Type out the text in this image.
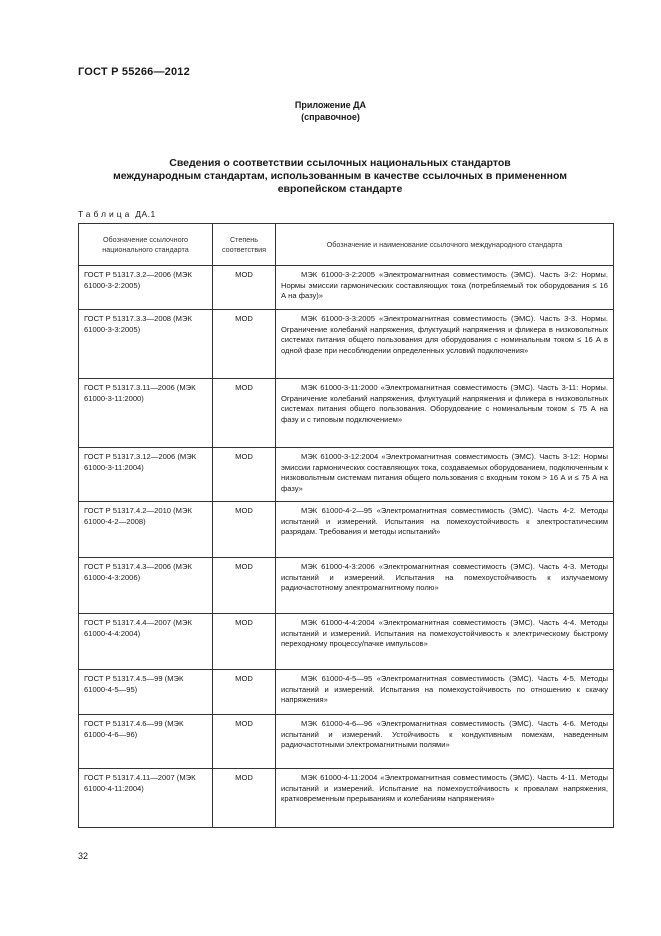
ГОСТ Р 55266—2012
Приложение ДА
(справочное)
Сведения о соответствии ссылочных национальных стандартов
международным стандартам, использованным в качестве ссылочных в примененном
европейском стандарте
Таблица ДА.1
Обозначение ссылочного национального стандарта	Степень соответствия	Обозначение и наименование ссылочного международного стандарта
ГОСТ Р 51317.3.2—2006 (МЭК 61000-3-2:2005)	MOD	МЭК 61000-3-2:2005 «Электромагнитная совместимость (ЭМС). Часть 3-2: Нормы. Нормы эмиссии гармонических составляющих тока (потребляемый ток оборудования ≤ 16 А на фазу)»
ГОСТ Р 51317.3.3—2008 (МЭК 61000-3-3:2005)	MOD	МЭК 61000-3-3:2005 «Электромагнитная совместимость (ЭМС). Часть 3-3. Нормы. Ограничение колебаний напряжения, флуктуаций напряжения и фликера в низковольтных системах питания общего пользования для оборудования с номинальным током ≤ 16 А в одной фазе при несоблюдении определенных условий подключения»
ГОСТ Р 51317.3.11—2006 (МЭК 61000-3-11:2000)	MOD	МЭК 61000-3-11:2000 «Электромагнитная совместимость (ЭМС). Часть 3-11: Нормы. Ограничение колебаний напряжения, флуктуаций напряжения и фликера в низковольтных системах питания общего пользования. Оборудование с номинальным током ≤ 75 А на фазу и с типовым подключением»
ГОСТ Р 51317.3.12—2006 (МЭК 61000-3-11:2004)	MOD	МЭК 61000-3-12:2004 «Электромагнитная совместимость (ЭМС). Часть 3-12: Нормы эмиссии гармонических составляющих тока, создаваемых оборудованием, подключенным к низковольтным системам питания общего пользования с входным током > 16 А и ≤ 75 А на фазу»
ГОСТ Р 51317.4.2—2010 (МЭК 61000-4-2—2008)	MOD	МЭК 61000-4-2—95 «Электромагнитная совместимость (ЭМС). Часть 4-2. Методы испытаний и измерений. Испытания на помехоустойчивость к электростатическим разрядам. Требования и методы испытаний»
ГОСТ Р 51317.4.3—2006 (МЭК 61000-4-3:2006)	MOD	МЭК 61000-4-3:2006 «Электромагнитная совместимость (ЭМС). Часть 4-3. Методы испытаний и измерений. Испытания на помехоустойчивость к излучаемому радиочастотному электромагнитному полю»
ГОСТ Р 51317.4.4—2007 (МЭК 61000-4-4:2004)	MOD	МЭК 61000-4-4:2004 «Электромагнитная совместимость (ЭМС). Часть 4-4. Методы испытаний и измерений. Испытания на помехоустойчивость к электрическому быстрому переходному процессу/пачке импульсов»
ГОСТ Р 51317.4.5—99 (МЭК 61000-4-5—95)	MOD	МЭК 61000-4-5—95 «Электромагнитная совместимость (ЭМС). Часть 4-5. Методы испытаний и измерений. Испытания на помехоустойчивость по отношению к скачку напряжения»
ГОСТ Р 51317.4.6—99 (МЭК 61000-4-6—96)	MOD	МЭК 61000-4-6—96 «Электромагнитная совместимость (ЭМС). Часть 4-6. Методы испытаний и измерений. Устойчивость к кондуктивным помехам, наведенным радиочастотными электромагнитными полями»
ГОСТ Р 51317.4.11—2007 (МЭК 61000-4-11:2004)	MOD	МЭК 61000-4-11:2004 «Электромагнитная совместимость (ЭМС). Часть 4-11. Методы испытаний и измерений. Испытание на помехоустойчивость к провалам напряжения, кратковременным прерываниям и колебаниям напряжения»
32
